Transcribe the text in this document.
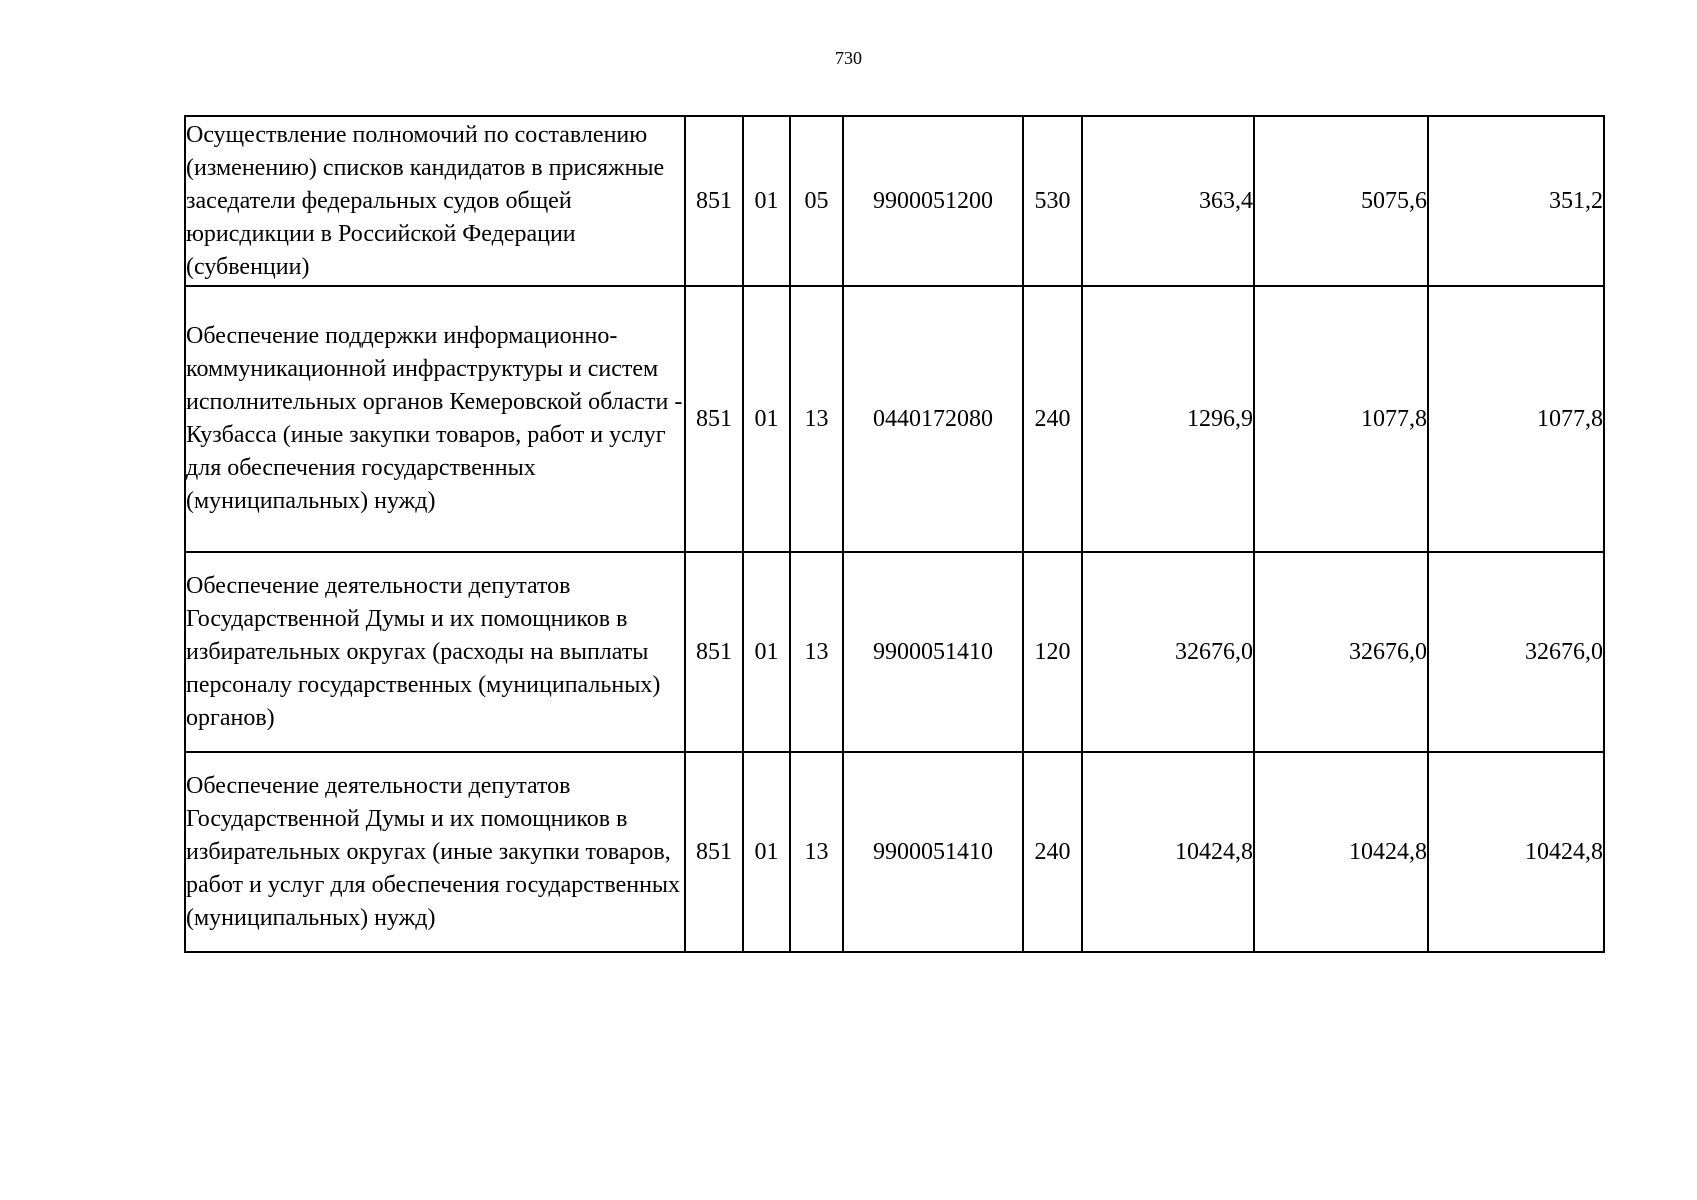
730
Осуществление полномочий по составлению (изменению) списков кандидатов в присяжные заседатели федеральных судов общей юрисдикции в Российской Федерации (субвенции)	851	01	05	9900051200	530	363,4	5075,6	351,2
Обеспечение поддержки информационно-коммуникационной инфраструктуры и систем исполнительных органов Кемеровской области - Кузбасса (иные закупки товаров, работ и услуг для обеспечения государственных (муниципальных) нужд)	851	01	13	0440172080	240	1296,9	1077,8	1077,8
Обеспечение деятельности депутатов Государственной Думы и их помощников в избирательных округах (расходы на выплаты персоналу государственных (муниципальных) органов)	851	01	13	9900051410	120	32676,0	32676,0	32676,0
Обеспечение деятельности депутатов Государственной Думы и их помощников в избирательных округах (иные закупки товаров, работ и услуг для обеспечения государственных (муниципальных) нужд)	851	01	13	9900051410	240	10424,8	10424,8	10424,8
